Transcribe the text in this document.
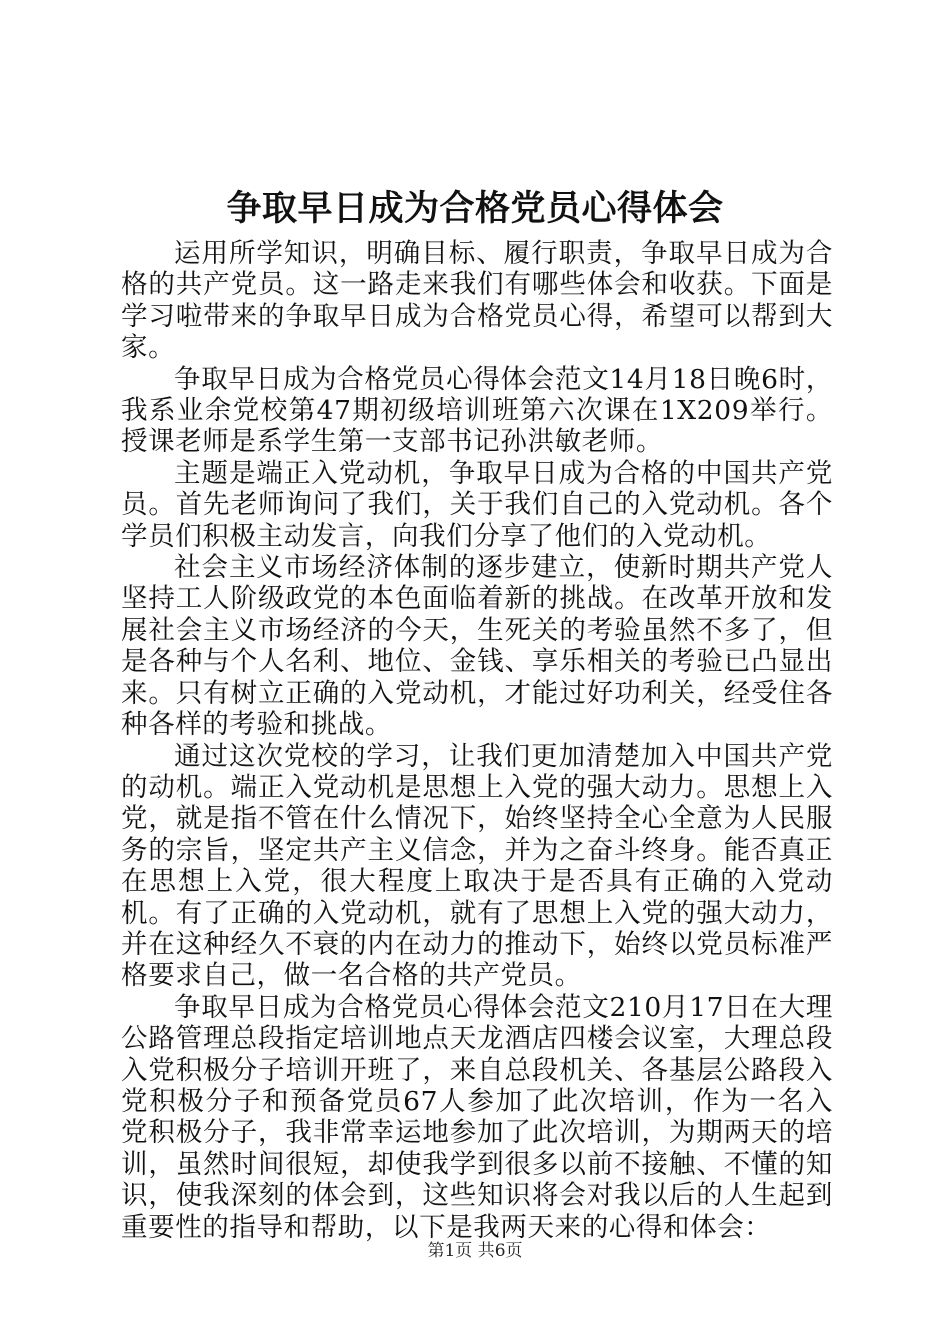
争取早日成为合格党员心得体会

运用所学知识，明确目标、履行职责，争取早日成为合格的共产党员。这一路走来我们有哪些体会和收获。下面是学习啦带来的争取早日成为合格党员心得，希望可以帮到大家。

争取早日成为合格党员心得体会范文14月18日晚6时，我系业余党校第47期初级培训班第六次课在1X209举行。授课老师是系学生第一支部书记孙洪敏老师。

主题是端正入党动机，争取早日成为合格的中国共产党员。首先老师询问了我们，关于我们自己的入党动机。各个学员们积极主动发言，向我们分享了他们的入党动机。

社会主义市场经济体制的逐步建立，使新时期共产党人坚持工人阶级政党的本色面临着新的挑战。在改革开放和发展社会主义市场经济的今天，生死关的考验虽然不多了，但是各种与个人名利、地位、金钱、享乐相关的考验已凸显出来。只有树立正确的入党动机，才能过好功利关，经受住各种各样的考验和挑战。

通过这次党校的学习，让我们更加清楚加入中国共产党的动机。端正入党动机是思想上入党的强大动力。思想上入党，就是指不管在什么情况下，始终坚持全心全意为人民服务的宗旨，坚定共产主义信念，并为之奋斗终身。能否真正在思想上入党，很大程度上取决于是否具有正确的入党动机。有了正确的入党动机，就有了思想上入党的强大动力，并在这种经久不衰的内在动力的推动下，始终以党员标准严格要求自己，做一名合格的共产党员。

争取早日成为合格党员心得体会范文210月17日在大理公路管理总段指定培训地点天龙酒店四楼会议室，大理总段入党积极分子培训开班了，来自总段机关、各基层公路段入党积极分子和预备党员67人参加了此次培训，作为一名入党积极分子，我非常幸运地参加了此次培训，为期两天的培训，虽然时间很短，却使我学到很多以前不接触、不懂的知识，使我深刻的体会到，这些知识将会对我以后的人生起到重要性的指导和帮助，以下是我两天来的心得和体会：

第1页 共6页
